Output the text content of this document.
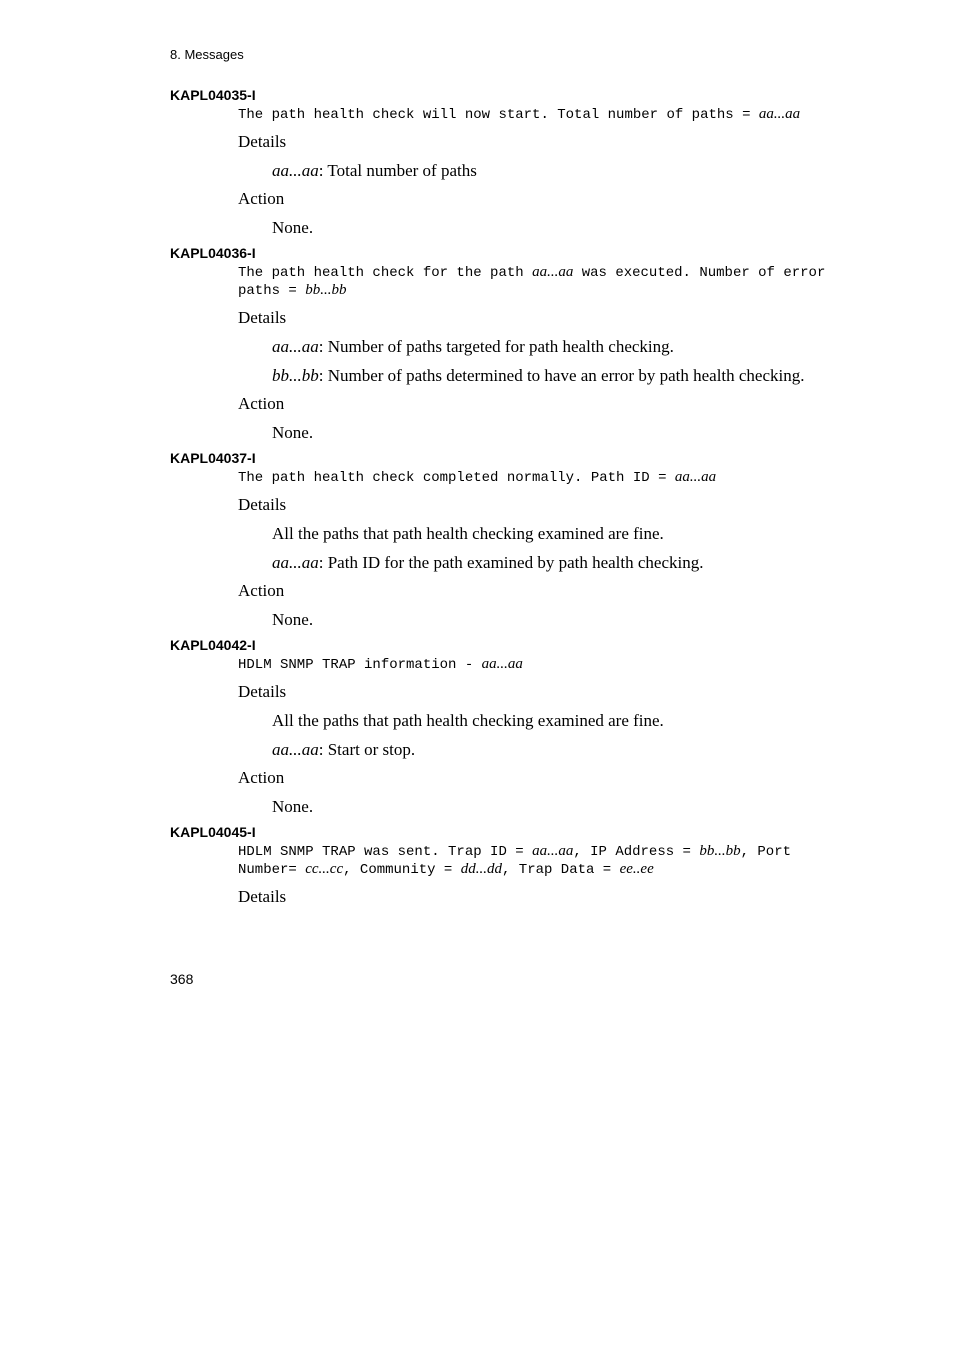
8. Messages

KAPL04035-I

The path health check will now start. Total number of paths = aa...aa

Details

aa...aa: Total number of paths

Action

None.

KAPL04036-I

The path health check for the path aa...aa was executed. Number of error paths = bb...bb

Details

aa...aa: Number of paths targeted for path health checking.

bb...bb: Number of paths determined to have an error by path health checking.

Action

None.

KAPL04037-I

The path health check completed normally. Path ID = aa...aa

Details

All the paths that path health checking examined are fine.

aa...aa: Path ID for the path examined by path health checking.

Action

None.

KAPL04042-I

HDLM SNMP TRAP information - aa...aa

Details

All the paths that path health checking examined are fine.

aa...aa: Start or stop.

Action

None.

KAPL04045-I

HDLM SNMP TRAP was sent. Trap ID = aa...aa, IP Address = bb...bb, Port Number= cc...cc, Community = dd...dd, Trap Data = ee..ee

Details

368
